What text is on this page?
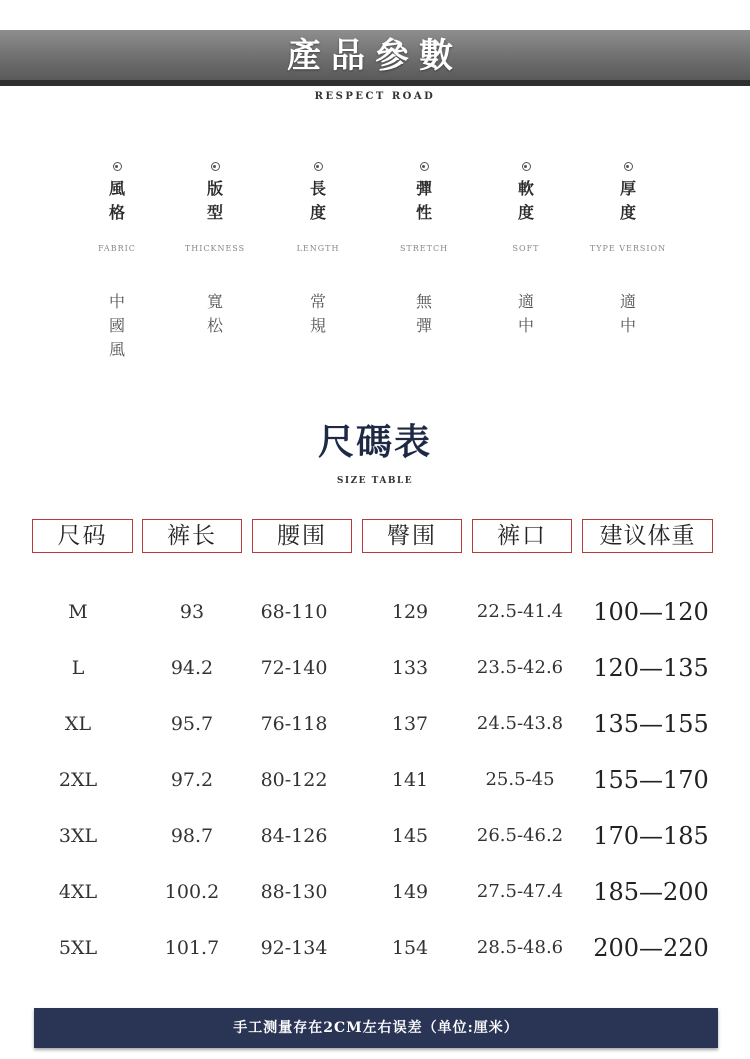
產品參數
RESPECT ROAD
風格
FABRIC
中國風
版型
THICKNESS
寬松
長度
LENGTH
常規
彈性
STRETCH
無彈
軟度
SOFT
適中
厚度
TYPE VERSION
適中
尺碼表
SIZE TABLE
尺码	裤长	腰围	臀围	裤口	建议体重
M	93	68-110	129	22.5-41.4	100—120
L	94.2	72-140	133	23.5-42.6	120—135
XL	95.7	76-118	137	24.5-43.8	135—155
2XL	97.2	80-122	141	25.5-45	155—170
3XL	98.7	84-126	145	26.5-46.2	170—185
4XL	100.2	88-130	149	27.5-47.4	185—200
5XL	101.7	92-134	154	28.5-48.6	200—220
手工测量存在2CM左右误差（单位:厘米）
